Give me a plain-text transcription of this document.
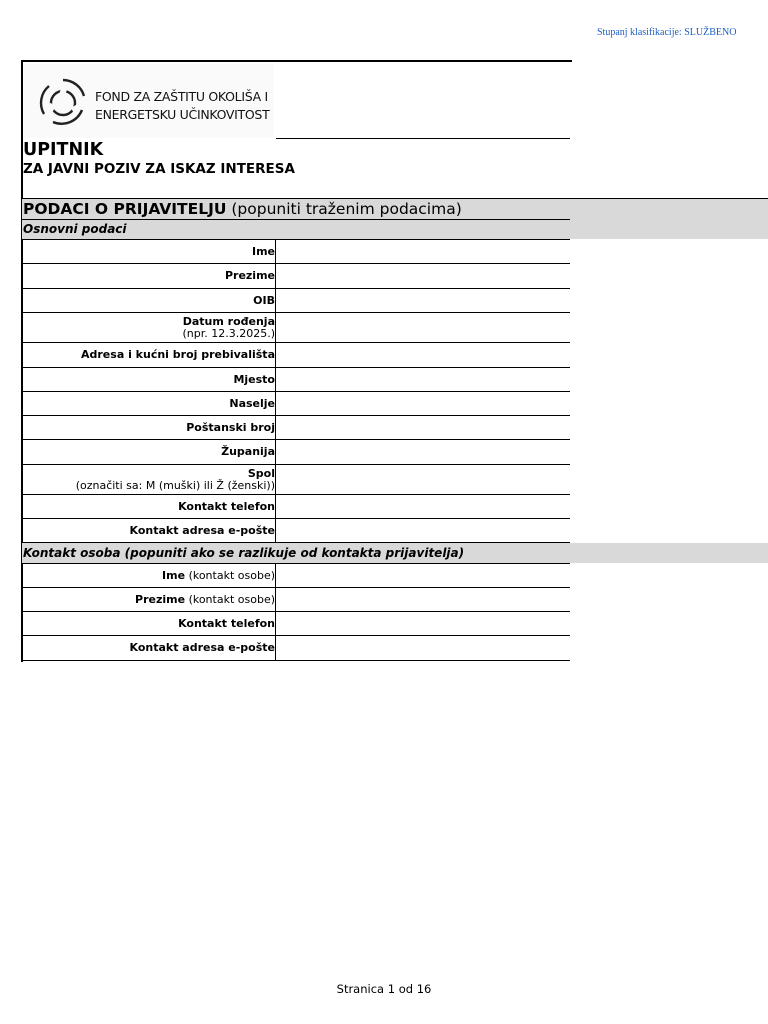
Stupanj klasifikacije: SLUŽBENO
FOND ZA ZAŠTITU OKOLIŠA I
ENERGETSKU UČINKOVITOST
UPITNIK
ZA JAVNI POZIV ZA ISKAZ INTERESA
PODACI O PRIJAVITELJU (popuniti traženim podacima)
Osnovni podaci
Ime
Prezime
OIB
Datum rođenja
(npr. 12.3.2025.)
Adresa i kućni broj prebivališta
Mjesto
Naselje
Poštanski broj
Županija
Spol
(označiti sa: M (muški) ili Ž (ženski))
Kontakt telefon
Kontakt adresa e-pošte
Kontakt osoba (popuniti ako se razlikuje od kontakta prijavitelja)
Ime
(kontakt osobe)
Prezime
(kontakt osobe)
Kontakt telefon
Kontakt adresa e-pošte
Stranica 1 od 16
